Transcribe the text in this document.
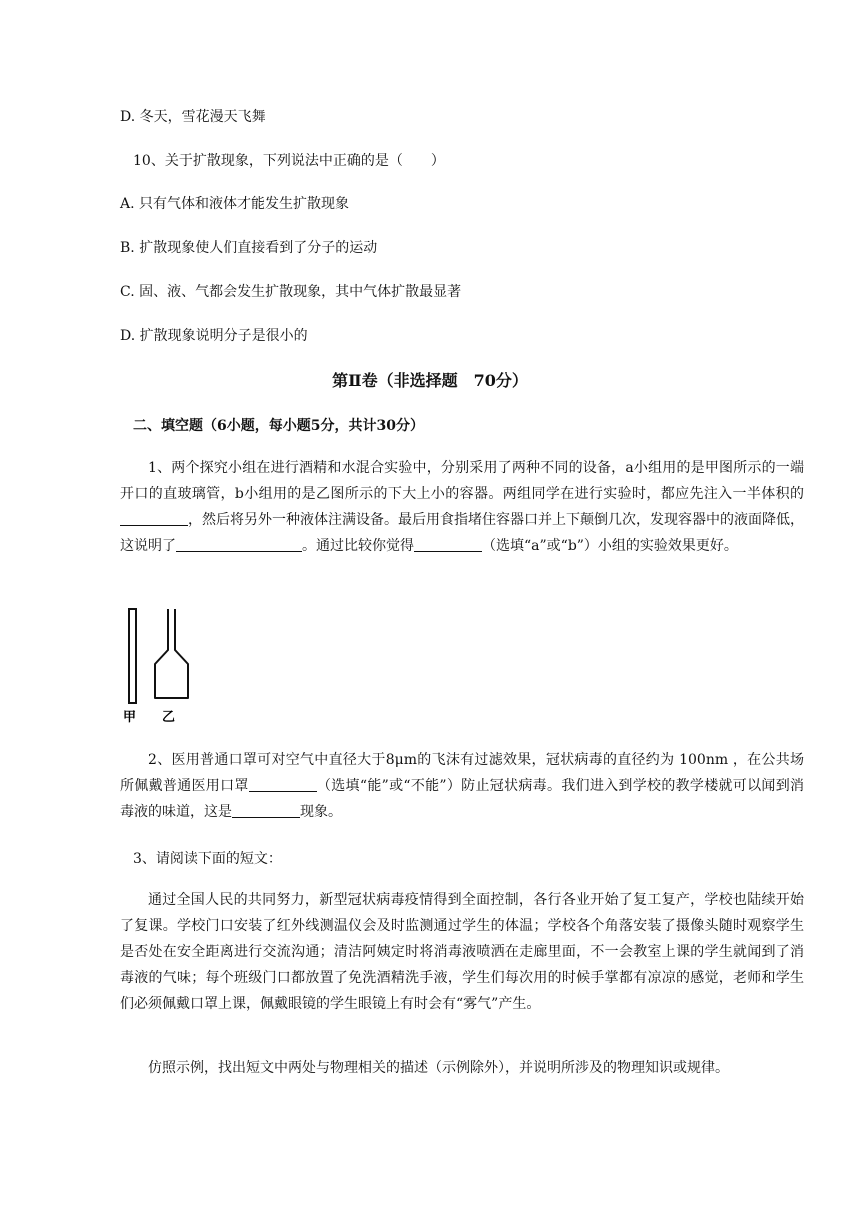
D. 冬天，雪花漫天飞舞
10、关于扩散现象，下列说法中正确的是（　　）
A. 只有气体和液体才能发生扩散现象
B. 扩散现象使人们直接看到了分子的运动
C. 固、液、气都会发生扩散现象，其中气体扩散最显著
D. 扩散现象说明分子是很小的
第Ⅱ卷（非选择题　70分）
二、填空题（6小题，每小题5分，共计30分）

1、两个探究小组在进行酒精和水混合实验中，分别采用了两种不同的设备，a小组用的是甲图所示的一端开口的直玻璃管，b小组用的是乙图所示的下大上小的容器。两组同学在进行实验时，都应先注入一半体积的，然后将另外一种液体注满设备。最后用食指堵住容器口并上下颠倒几次，发现容器中的液面降低，这说明了	。通过比较你觉得	（选填“a”或“b”）小组的实验效果更好。

甲 乙

2、医用普通口罩可对空气中直径大于8μm的飞沫有过滤效果，冠状病毒的直径约为 100nm ，在公共场所佩戴普通医用口罩	（选填“能”或“不能”）防止冠状病毒。我们进入到学校的教学楼就可以闻到消毒液的味道，这是	现象。

3、请阅读下面的短文：

通过全国人民的共同努力，新型冠状病毒疫情得到全面控制，各行各业开始了复工复产，学校也陆续开始了复课。学校门口安装了红外线测温仪会及时监测通过学生的体温；学校各个角落安装了摄像头随时观察学生是否处在安全距离进行交流沟通；清洁阿姨定时将消毒液喷洒在走廊里面，不一会教室上课的学生就闻到了消毒液的气味；每个班级门口都放置了免洗酒精洗手液，学生们每次用的时候手掌都有凉凉的感觉，老师和学生们必须佩戴口罩上课，佩戴眼镜的学生眼镜上有时会有“雾气”产生。

仿照示例，找出短文中两处与物理相关的描述（示例除外），并说明所涉及的物理知识或规律。
